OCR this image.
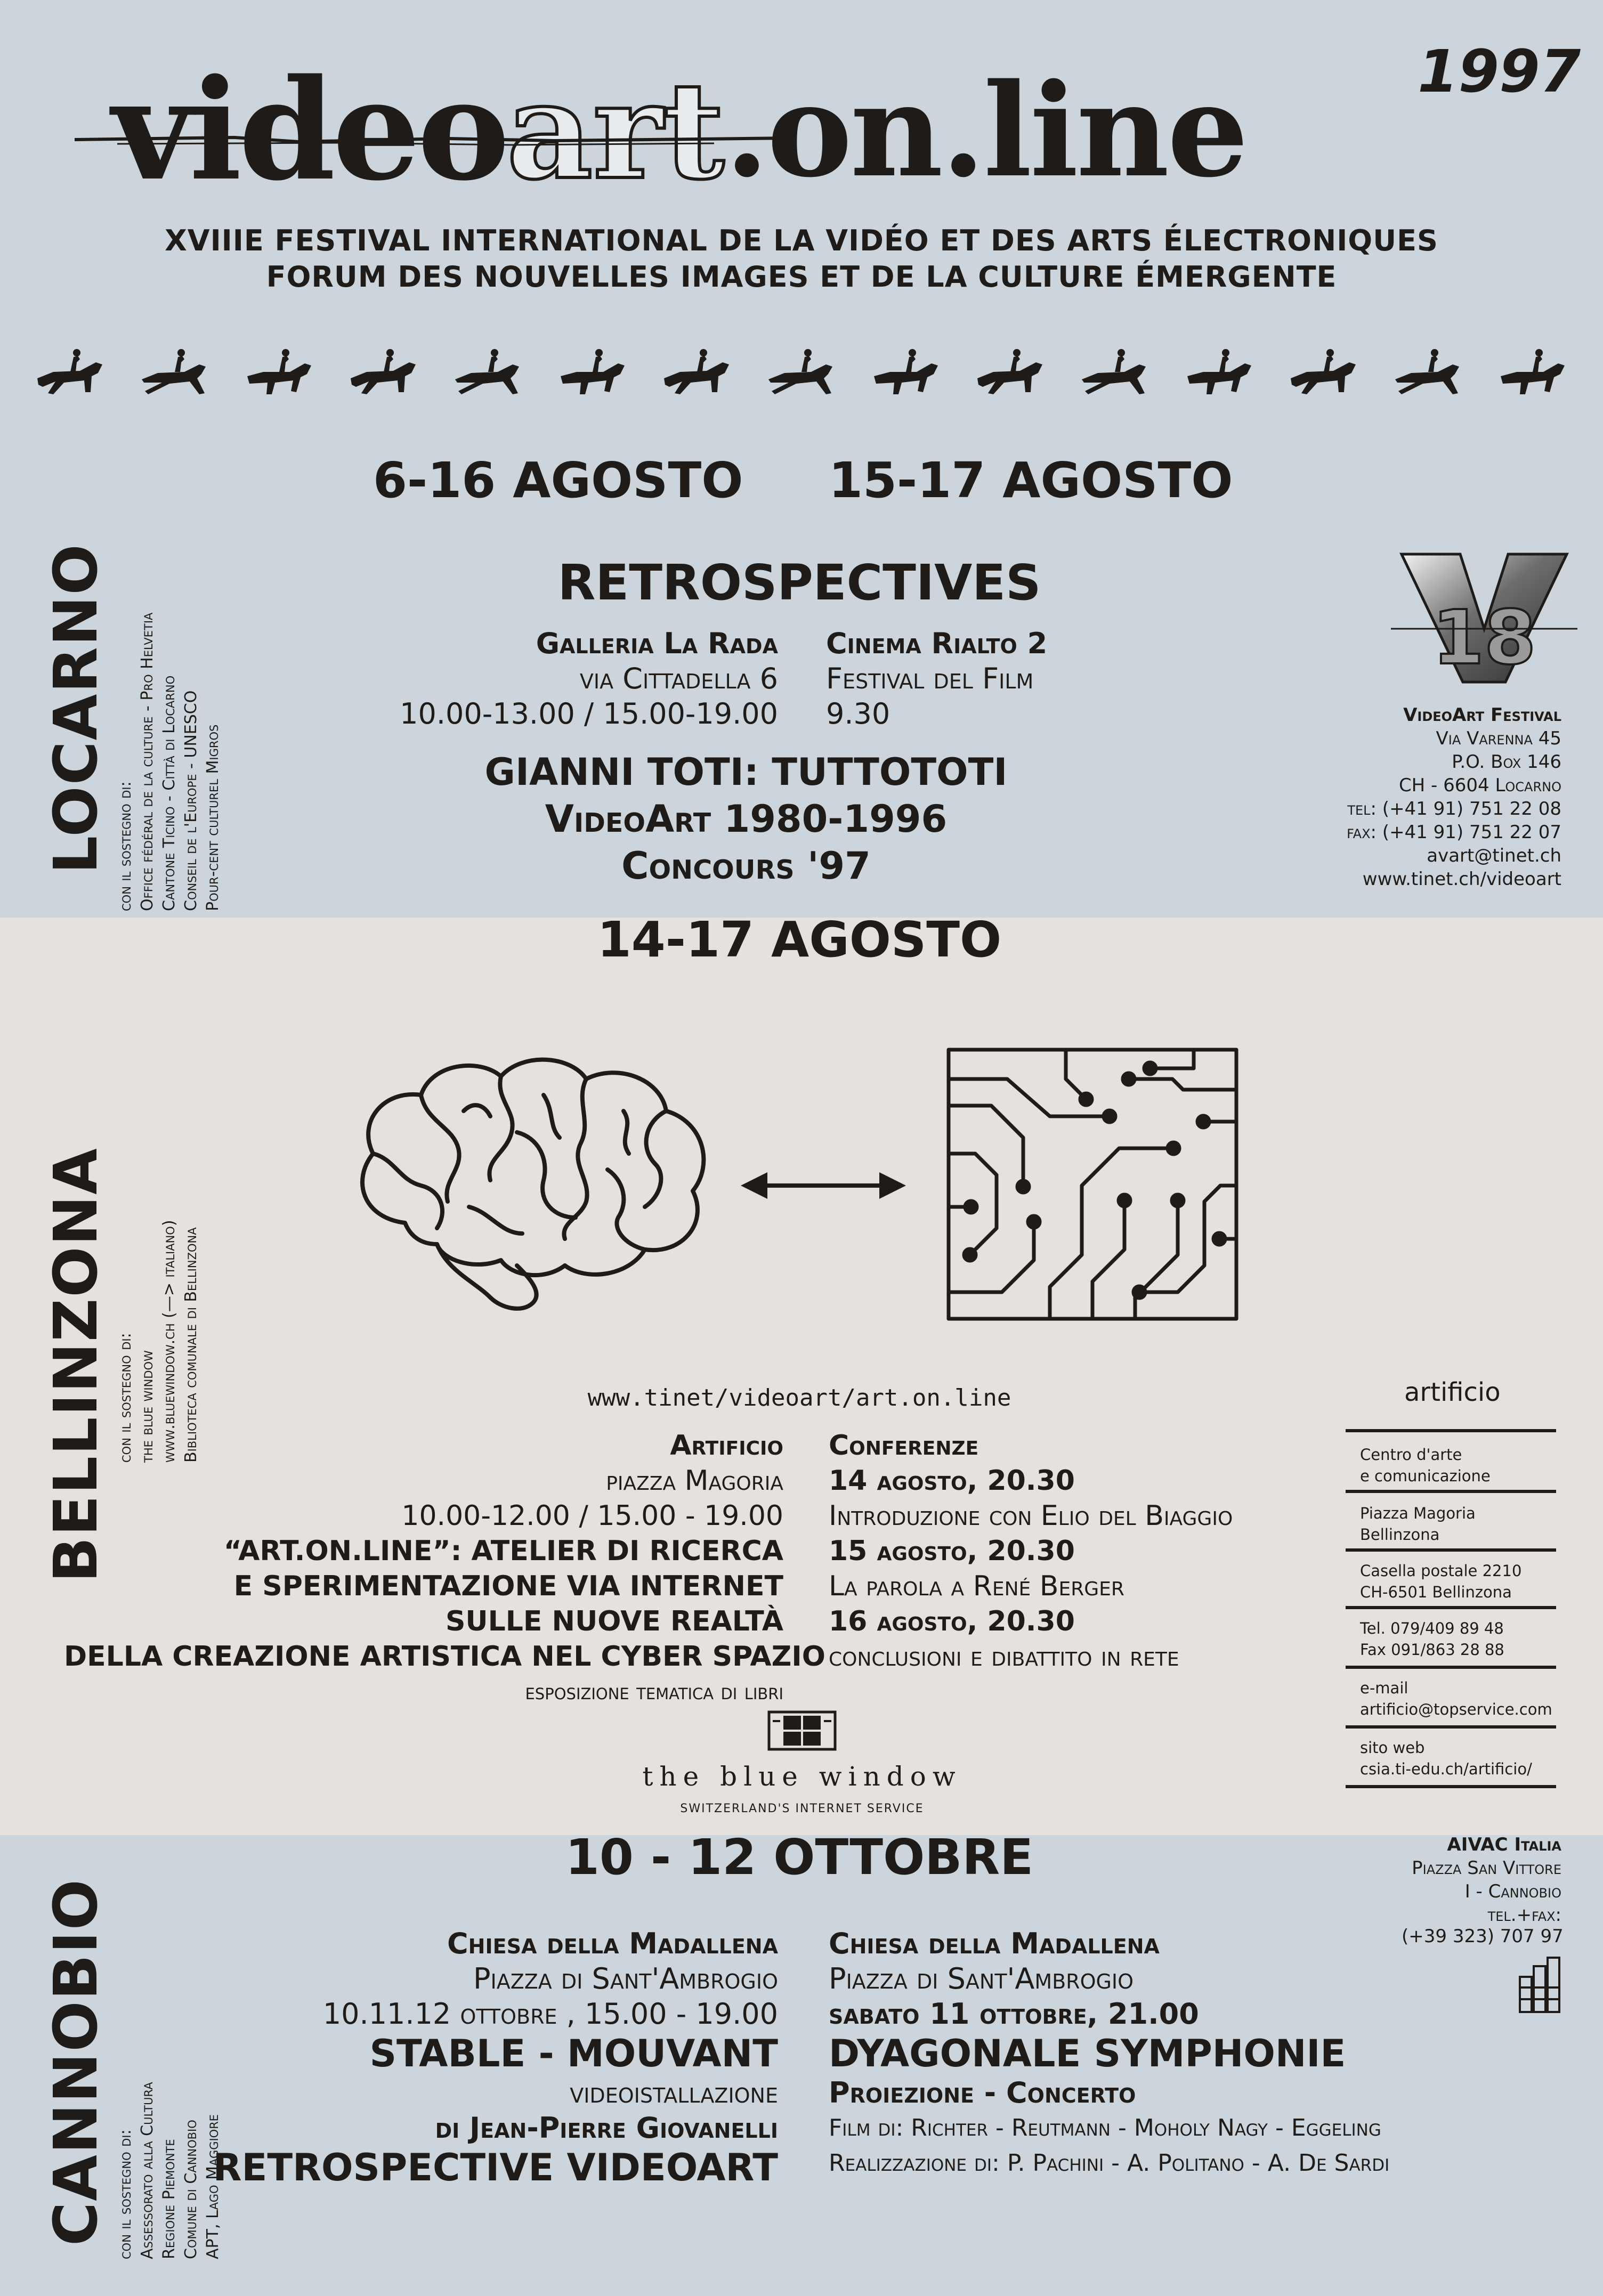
1997
videoart.on.line
XVIIIE FESTIVAL INTERNATIONAL DE LA VIDÉO ET DES ARTS ÉLECTRONIQUES
FORUM DES NOUVELLES IMAGES ET DE LA CULTURE ÉMERGENTE
LOCARNO con il sostegno di: Office fédéral de la culture - Pro Helvetia Cantone Ticino - Città di Locarno Conseil de l'Europe - UNESCO Pour-cent culturel Migros
6-16 AGOSTO 15-17 AGOSTO
RETROSPECTIVES
Galleria La Rada
via Cittadella 6
10.00-13.00 / 15.00-19.00
Cinema Rialto 2
Festival del Film
9.30
GIANNI TOTI: TUTTOTOTI
VideoArt 1980-1996
Concours '97
18
VideoArt Festival
Via Varenna 45
P.O. Box 146
CH - 6604 Locarno
tel: (+41 91) 751 22 08
fax: (+41 91) 751 22 07
avart@tinet.ch
www.tinet.ch/videoart
14-17 AGOSTO
BELLINZONA con il sostegno di: the blue window www.bluewindow.ch (—> italiano) Biblioteca comunale di Bellinzona	www.tinet/videoart/art.on.line
Artificio
piazza Magoria
10.00-12.00 / 15.00 - 19.00
“ART.ON.LINE”: ATELIER DI RICERCA
E SPERIMENTAZIONE VIA INTERNET
SULLE NUOVE REALTÀ
DELLA CREAZIONE ARTISTICA NEL CYBER SPAZIO
esposizione tematica di libri
Conferenze
14 agosto, 20.30
Introduzione con Elio del Biaggio
15 agosto, 20.30
La parola a René Berger
16 agosto, 20.30
conclusioni e dibattito in rete
the blue window
SWITZERLAND'S INTERNET SERVICE
artificio
Centro d'arte
e comunicazione
Piazza Magoria
Bellinzona
Casella postale 2210
CH-6501 Bellinzona
Tel. 079/409 89 48
Fax 091/863 28 88
e-mail
artificio@topservice.com
sito web
csia.ti-edu.ch/artificio/
10 - 12 OTTOBRE
CANNOBIO con il sostegno di: Assessorato alla Cultura Regione Piemonte Comune di Cannobio APT, Lago Maggiore
Chiesa della Madallena
Piazza di Sant'Ambrogio
10.11.12 ottobre , 15.00 - 19.00
STABLE - MOUVANT
videoistallazione
di Jean-Pierre Giovanelli
RETROSPECTIVE VIDEOART
Chiesa della Madallena
Piazza di Sant'Ambrogio
sabato 11 ottobre, 21.00
DYAGONALE SYMPHONIE
Proiezione - Concerto
Film di: Richter - Reutmann - Moholy Nagy - Eggeling
Realizzazione di: P. Pachini - A. Politano - A. De Sardi
AIVAC Italia
Piazza San Vittore
I - Cannobio
tel.+fax:
(+39 323) 707 97
